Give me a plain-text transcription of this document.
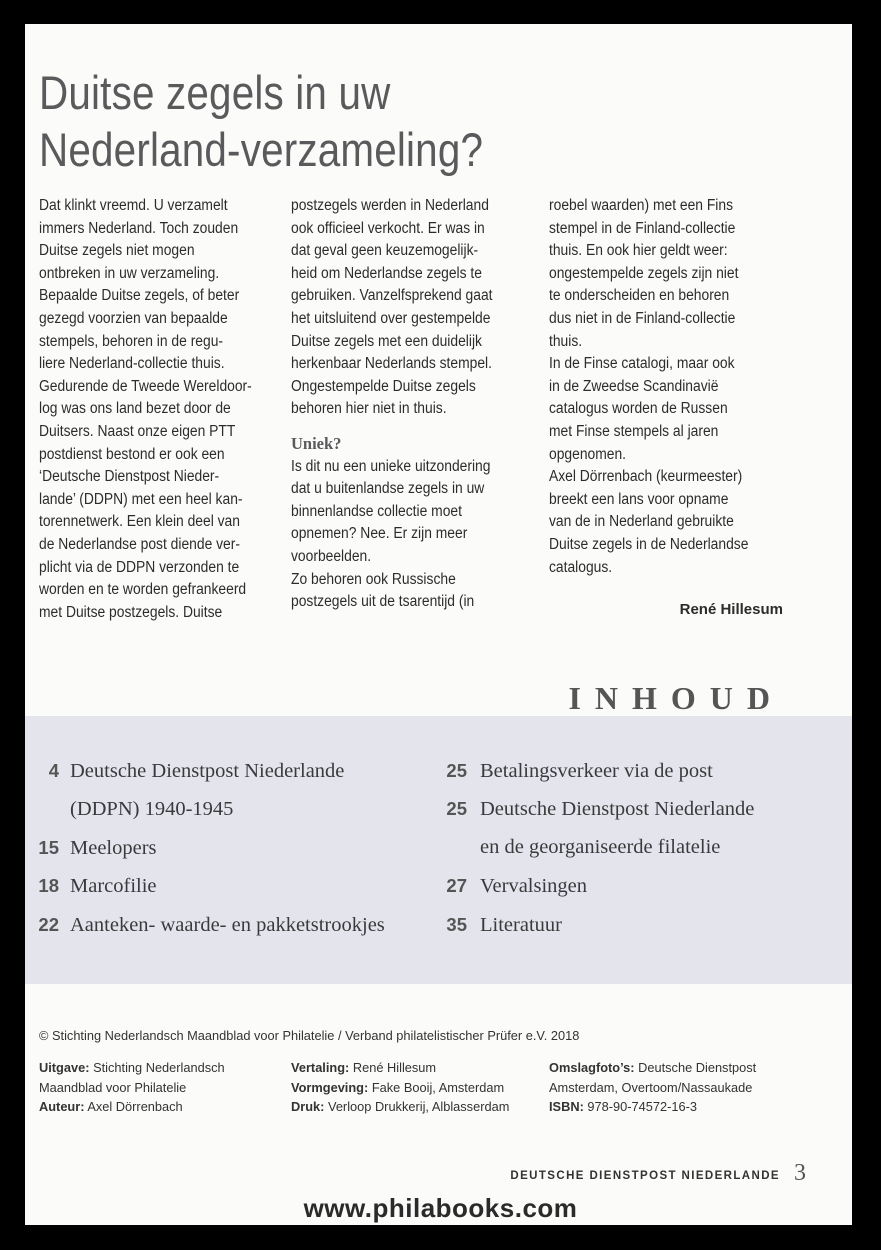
Duitse zegels in uw
Nederland-verzameling?
Dat klinkt vreemd. U verzamelt
immers Nederland. Toch zouden
Duitse zegels niet mogen
ontbreken in uw verzameling.
Bepaalde Duitse zegels, of beter
gezegd voorzien van bepaalde
stempels, behoren in de regu-
liere Nederland-collectie thuis.
Gedurende de Tweede Wereldoor-
log was ons land bezet door de
Duitsers. Naast onze eigen PTT
postdienst bestond er ook een
‘Deutsche Dienstpost Nieder-
lande’ (DDPN) met een heel kan-
torennetwerk. Een klein deel van
de Nederlandse post diende ver-
plicht via de DDPN verzonden te
worden en te worden gefrankeerd
met Duitse postzegels. Duitse
postzegels werden in Nederland
ook officieel verkocht. Er was in
dat geval geen keuzemogelijk-
heid om Nederlandse zegels te
gebruiken. Vanzelfsprekend gaat
het uitsluitend over gestempelde
Duitse zegels met een duidelijk
herkenbaar Nederlands stempel.
Ongestempelde Duitse zegels
behoren hier niet in thuis.
Uniek?
Is dit nu een unieke uitzondering
dat u buitenlandse zegels in uw
binnenlandse collectie moet
opnemen? Nee. Er zijn meer
voorbeelden.
Zo behoren ook Russische
postzegels uit de tsarentijd (in
roebel waarden) met een Fins
stempel in de Finland-collectie
thuis. En ook hier geldt weer:
ongestempelde zegels zijn niet
te onderscheiden en behoren
dus niet in de Finland-collectie
thuis.
In de Finse catalogi, maar ook
in de Zweedse Scandinavië
catalogus worden de Russen
met Finse stempels al jaren
opgenomen.
Axel Dörrenbach (keurmeester)
breekt een lans voor opname
van de in Nederland gebruikte
Duitse zegels in de Nederlandse
catalogus.
René Hillesum
INHOUD
4 Deutsche Dienstpost Niederlande
(DDPN) 1940-1945
15 Meelopers
18 Marcofilie
22 Aanteken- waarde- en pakketstrookjes
25 Betalingsverkeer via de post
25 Deutsche Dienstpost Niederlande
en de georganiseerde filatelie
27 Vervalsingen
35 Literatuur
© Stichting Nederlandsch Maandblad voor Philatelie / Verband philatelistischer Prüfer e.V. 2018
Uitgave: Stichting Nederlandsch
Maandblad voor Philatelie
Auteur: Axel Dörrenbach
Vertaling: René Hillesum
Vormgeving: Fake Booij, Amsterdam
Druk: Verloop Drukkerij, Alblasserdam
Omslagfoto’s: Deutsche Dienstpost
Amsterdam, Overtoom/Nassaukade
ISBN: 978-90-74572-16-3
DEUTSCHE DIENSTPOST NIEDERLANDE 3
www.philabooks.com
